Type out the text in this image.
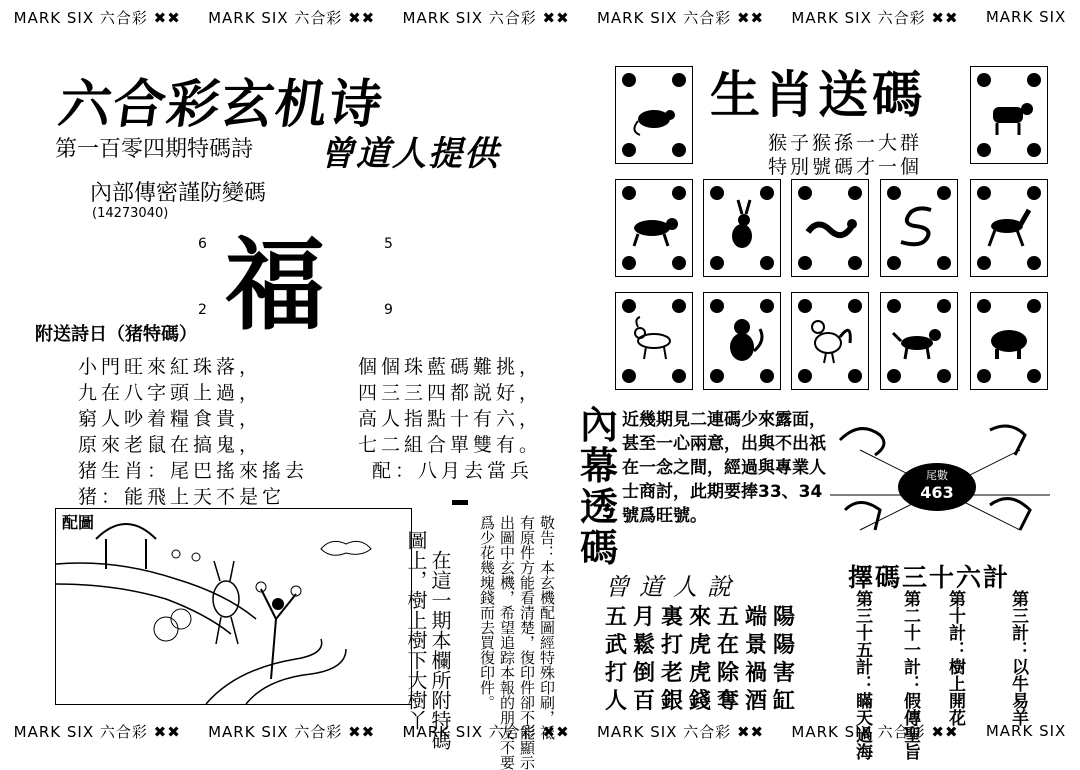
MARK SIX 六合彩 ✖✖ MARK SIX 六合彩 ✖✖ MARK SIX 六合彩 ✖✖ MARK SIX 六合彩 ✖✖ MARK SIX 六合彩 ✖✖ MARK SIX
MARK SIX 六合彩 ✖✖ MARK SIX 六合彩 ✖✖ MARK SIX 六合彩 ✖✖ MARK SIX 六合彩 ✖✖ MARK SIX 六合彩 ✖✖ MARK SIX
六合彩玄机诗
第一百零四期特碼詩 曾道人提供
內部傳密謹防變碼
(14273040)
福
6	5
2	9
附送詩日（猪特碼）
小門旺來紅珠落，
九在八字頭上過，
窮人吵着糧食貴，
原來老鼠在搞鬼，
猪生肖：尾巴搖來搖去
猪：能飛上天不是它
個個珠藍碼難挑，
四三三四都説好，
高人指點十有六，
七二組合單雙有。
配：八月去當兵
配圖
在這一期本欄所附特碼
圖上，樹上樹下大樹丫	敬告：本玄機配圖經特殊印刷，祗
有原件方能看清楚，復印件卻不能顯示
出圖中玄機，希望追踪本報的朋友不要
爲少花幾塊錢而去買復印件。
生肖送碼
猴子猴孫一大群
特別號碼才一個
內幕透碼
近幾期見二連碼少來露面，甚至一心兩意，出與不出祇在一念之間，經過與專業人士商討，此期要捧33、34號爲旺號。
尾數
463
曾道人說
五月裏來五端陽
武鬆打虎在景陽
打倒老虎除禍害
人百銀錢奪酒缸
擇碼三十六計
第三計：以牛易羊
第十計：樹上開花
第二十一計：假傳聖旨
第三十五計：瞞天過海
